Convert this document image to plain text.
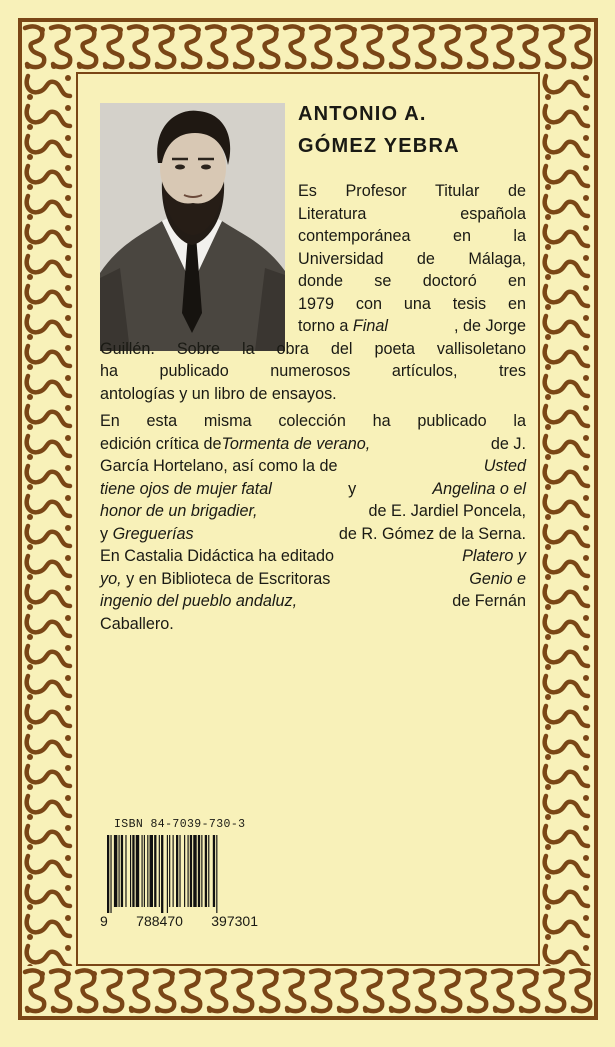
ANTONIO A.
GÓMEZ YEBRA
Es Profesor Titular de
Literatura española
contemporánea en la
Universidad de Málaga,
donde se doctoró en
1979 con una tesis en
torno a Final	, de Jorge
Guillén. Sobre la obra del poeta vallisoletano
ha publicado numerosos artículos, tres
antologías y un libro de ensayos.
En esta misma colección ha publicado la
edición crítica deTormenta de verano,	de J.
García Hortelano, así como la de	Usted
tiene ojos de mujer fatal	y	Angelina o el
honor de un brigadier,	de E. Jardiel Poncela,
y Greguerías	de R. Gómez de la Serna.
En Castalia Didáctica ha editado	Platero y
yo, y en Biblioteca de Escritoras	Genio e
ingenio del pueblo andaluz,	de Fernán
Caballero.
ISBN 84-7039-730-3
9 788470 397301
